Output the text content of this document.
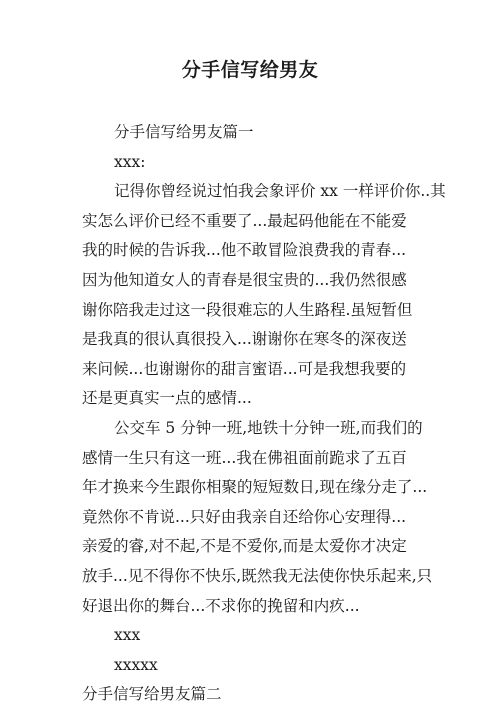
分手信写给男友
分手信写给男友篇一
xxx:
记得你曾经说过怕我会象评价 xx 一样评价你..其
实怎么评价已经不重要了...最起码他能在不能爱
我的时候的告诉我...他不敢冒险浪费我的青春...
因为他知道女人的青春是很宝贵的...我仍然很感
谢你陪我走过这一段很难忘的人生路程.虽短暂但
是我真的很认真很投入...谢谢你在寒冬的深夜送
来问候...也谢谢你的甜言蜜语...可是我想我要的
还是更真实一点的感情...
公交车 5 分钟一班,地铁十分钟一班,而我们的
感情一生只有这一班...我在佛祖面前跪求了五百
年才换来今生跟你相聚的短短数日,现在缘分走了...
竟然你不肯说...只好由我亲自还给你心安理得...
亲爱的睿,对不起,不是不爱你,而是太爱你才决定
放手...见不得你不快乐,既然我无法使你快乐起来,只
好退出你的舞台...不求你的挽留和内疚...
xxx
xxxxx
分手信写给男友篇二
